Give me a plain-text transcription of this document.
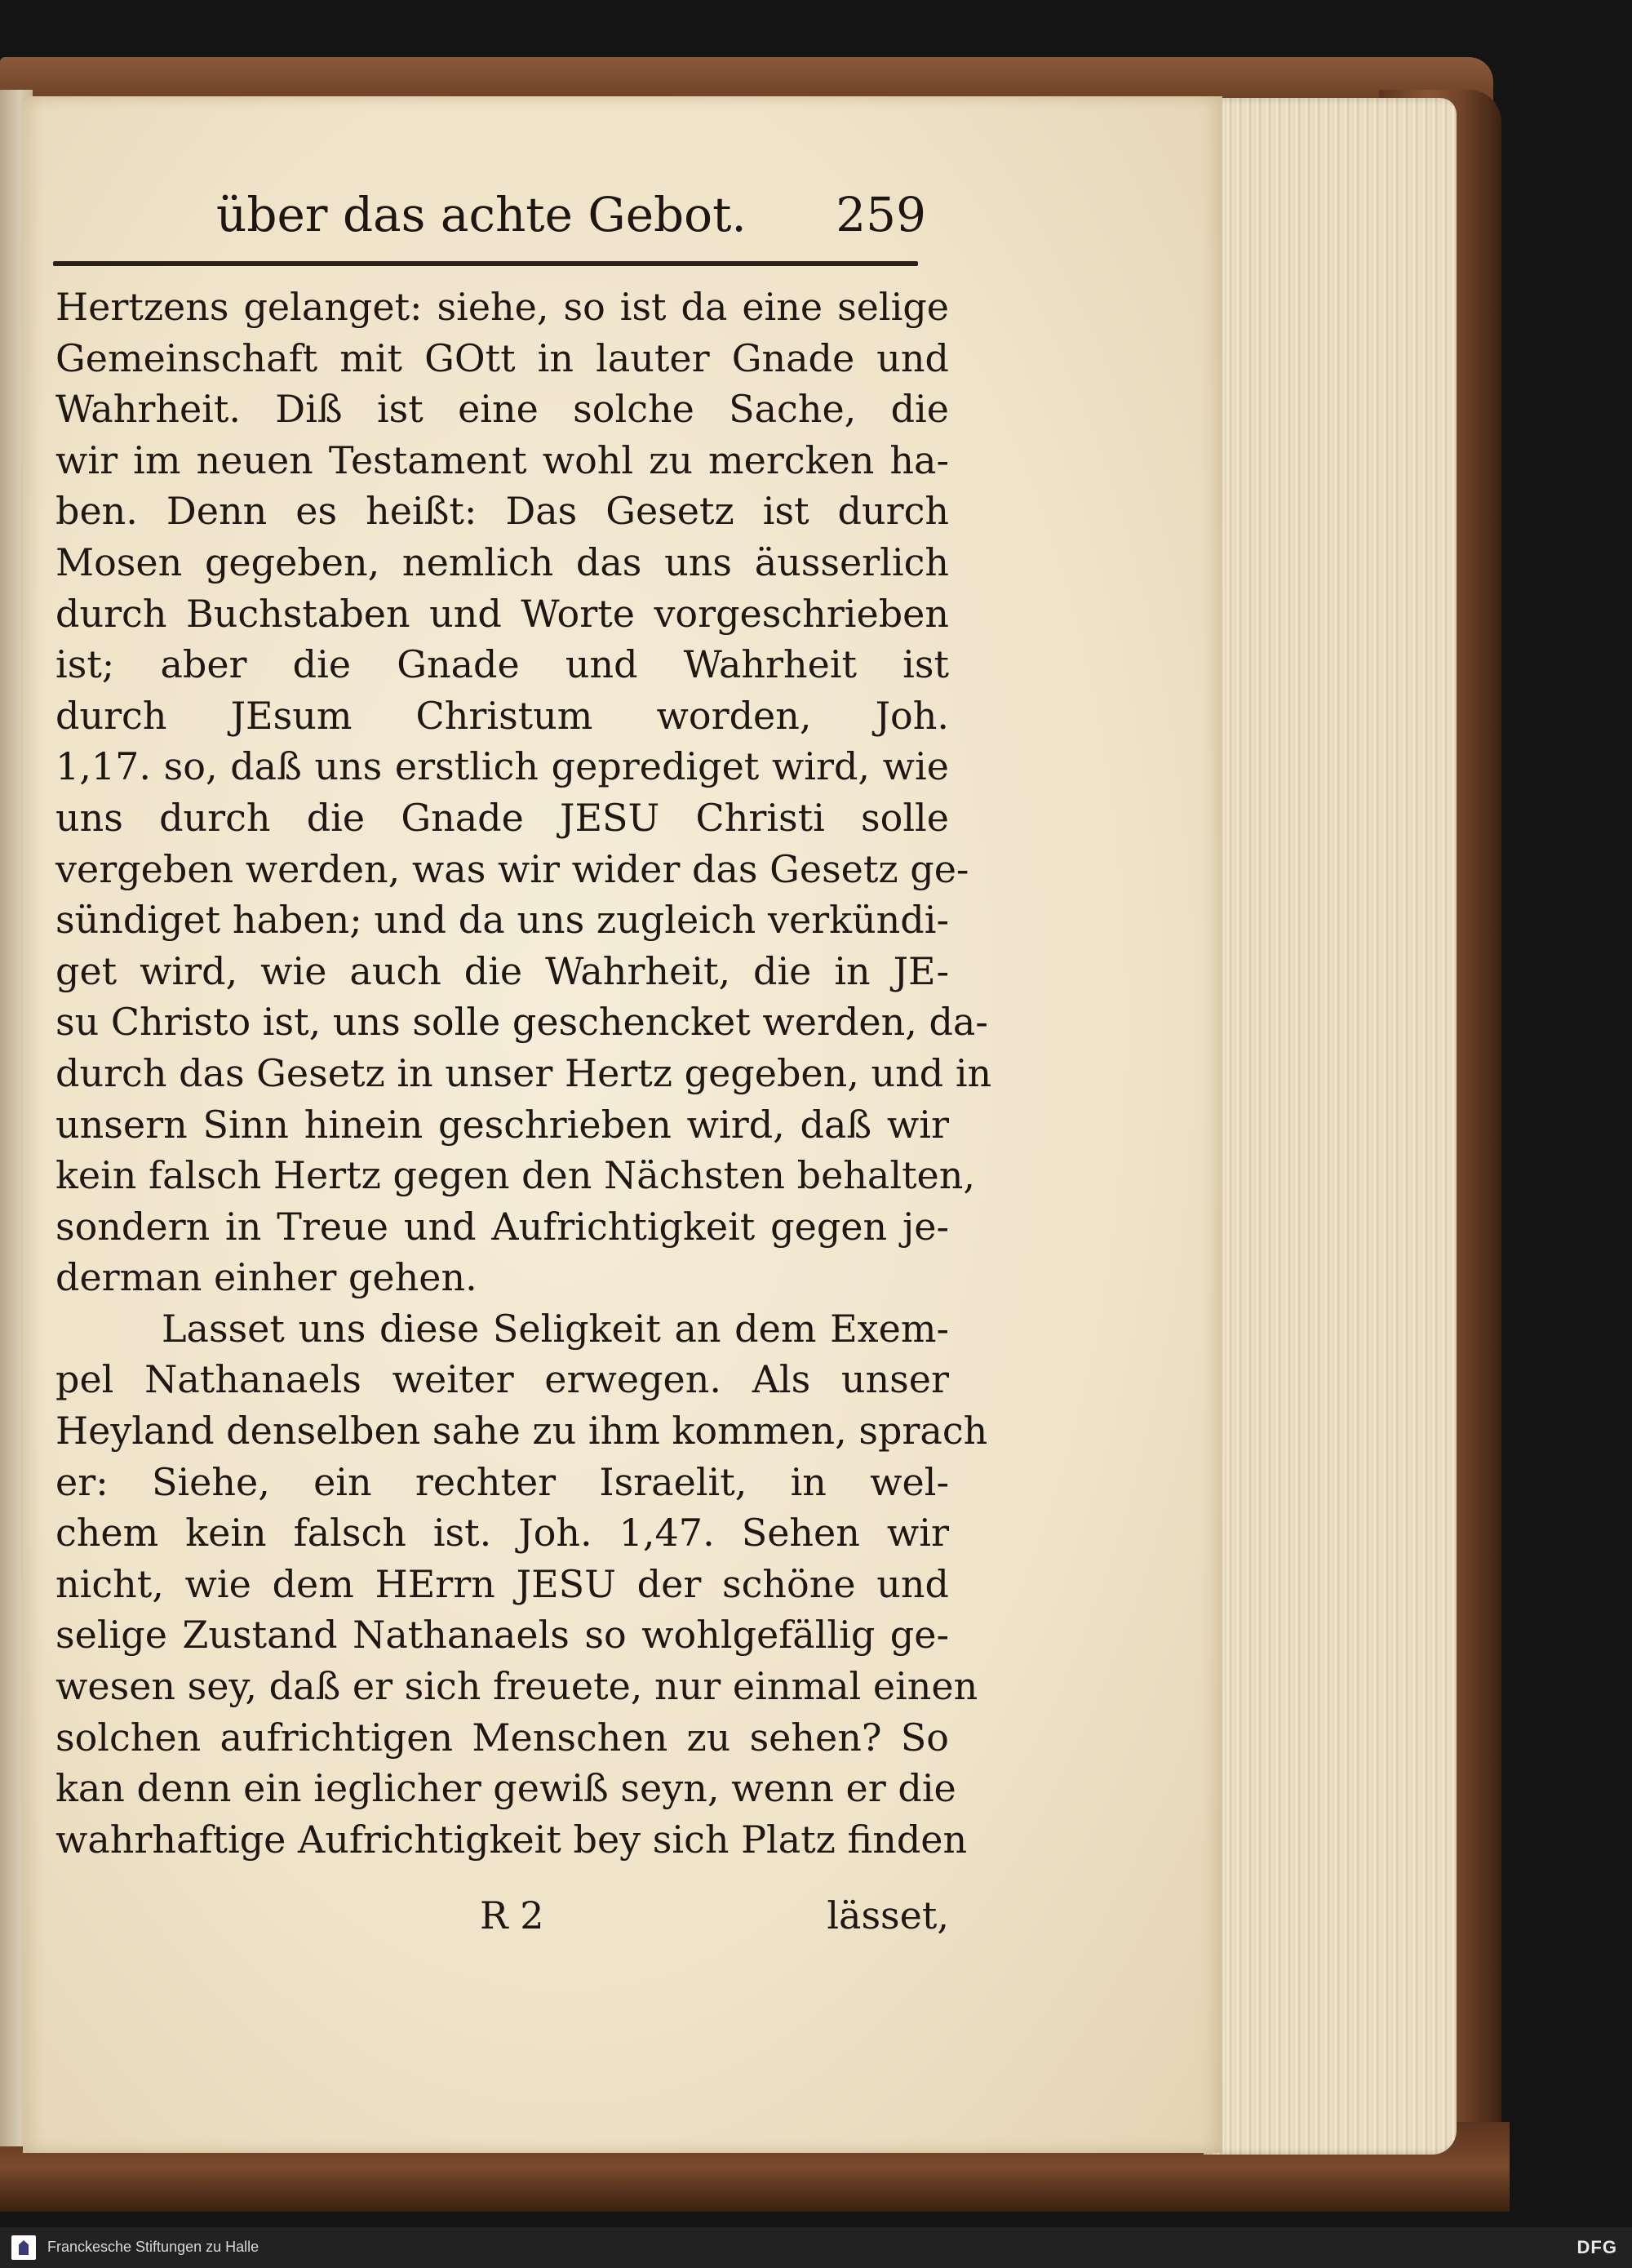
über das achte Gebot. 259
Hertzens gelanget: siehe, so ist da eine selige
Gemeinschaft mit GOtt in lauter Gnade und
Wahrheit. Diß ist eine solche Sache, die
wir im neuen Testament wohl zu mercken ha-
ben. Denn es heißt: Das Gesetz ist durch
Mosen gegeben, nemlich das uns äusserlich
durch Buchstaben und Worte vorgeschrieben
ist; aber die Gnade und Wahrheit ist
durch JEsum Christum worden, Joh.
1,17. so, daß uns erstlich geprediget wird, wie
uns durch die Gnade JESU Christi solle
vergeben werden, was wir wider das Gesetz ge-
sündiget haben; und da uns zugleich verkündi-
get wird, wie auch die Wahrheit, die in JE-
su Christo ist, uns solle geschencket werden, da-
durch das Gesetz in unser Hertz gegeben, und in
unsern Sinn hinein geschrieben wird, daß wir
kein falsch Hertz gegen den Nächsten behalten,
sondern in Treue und Aufrichtigkeit gegen je-
derman einher gehen.
Lasset uns diese Seligkeit an dem Exem-
pel Nathanaels weiter erwegen. Als unser
Heyland denselben sahe zu ihm kommen, sprach
er: Siehe, ein rechter Israelit, in wel-
chem kein falsch ist. Joh. 1,47. Sehen wir
nicht, wie dem HErrn JESU der schöne und
selige Zustand Nathanaels so wohlgefällig ge-
wesen sey, daß er sich freuete, nur einmal einen
solchen aufrichtigen Menschen zu sehen? So
kan denn ein ieglicher gewiß seyn, wenn er die
wahrhaftige Aufrichtigkeit bey sich Platz finden
R 2	lässet,
Franckesche Stiftungen zu Halle	DFG
